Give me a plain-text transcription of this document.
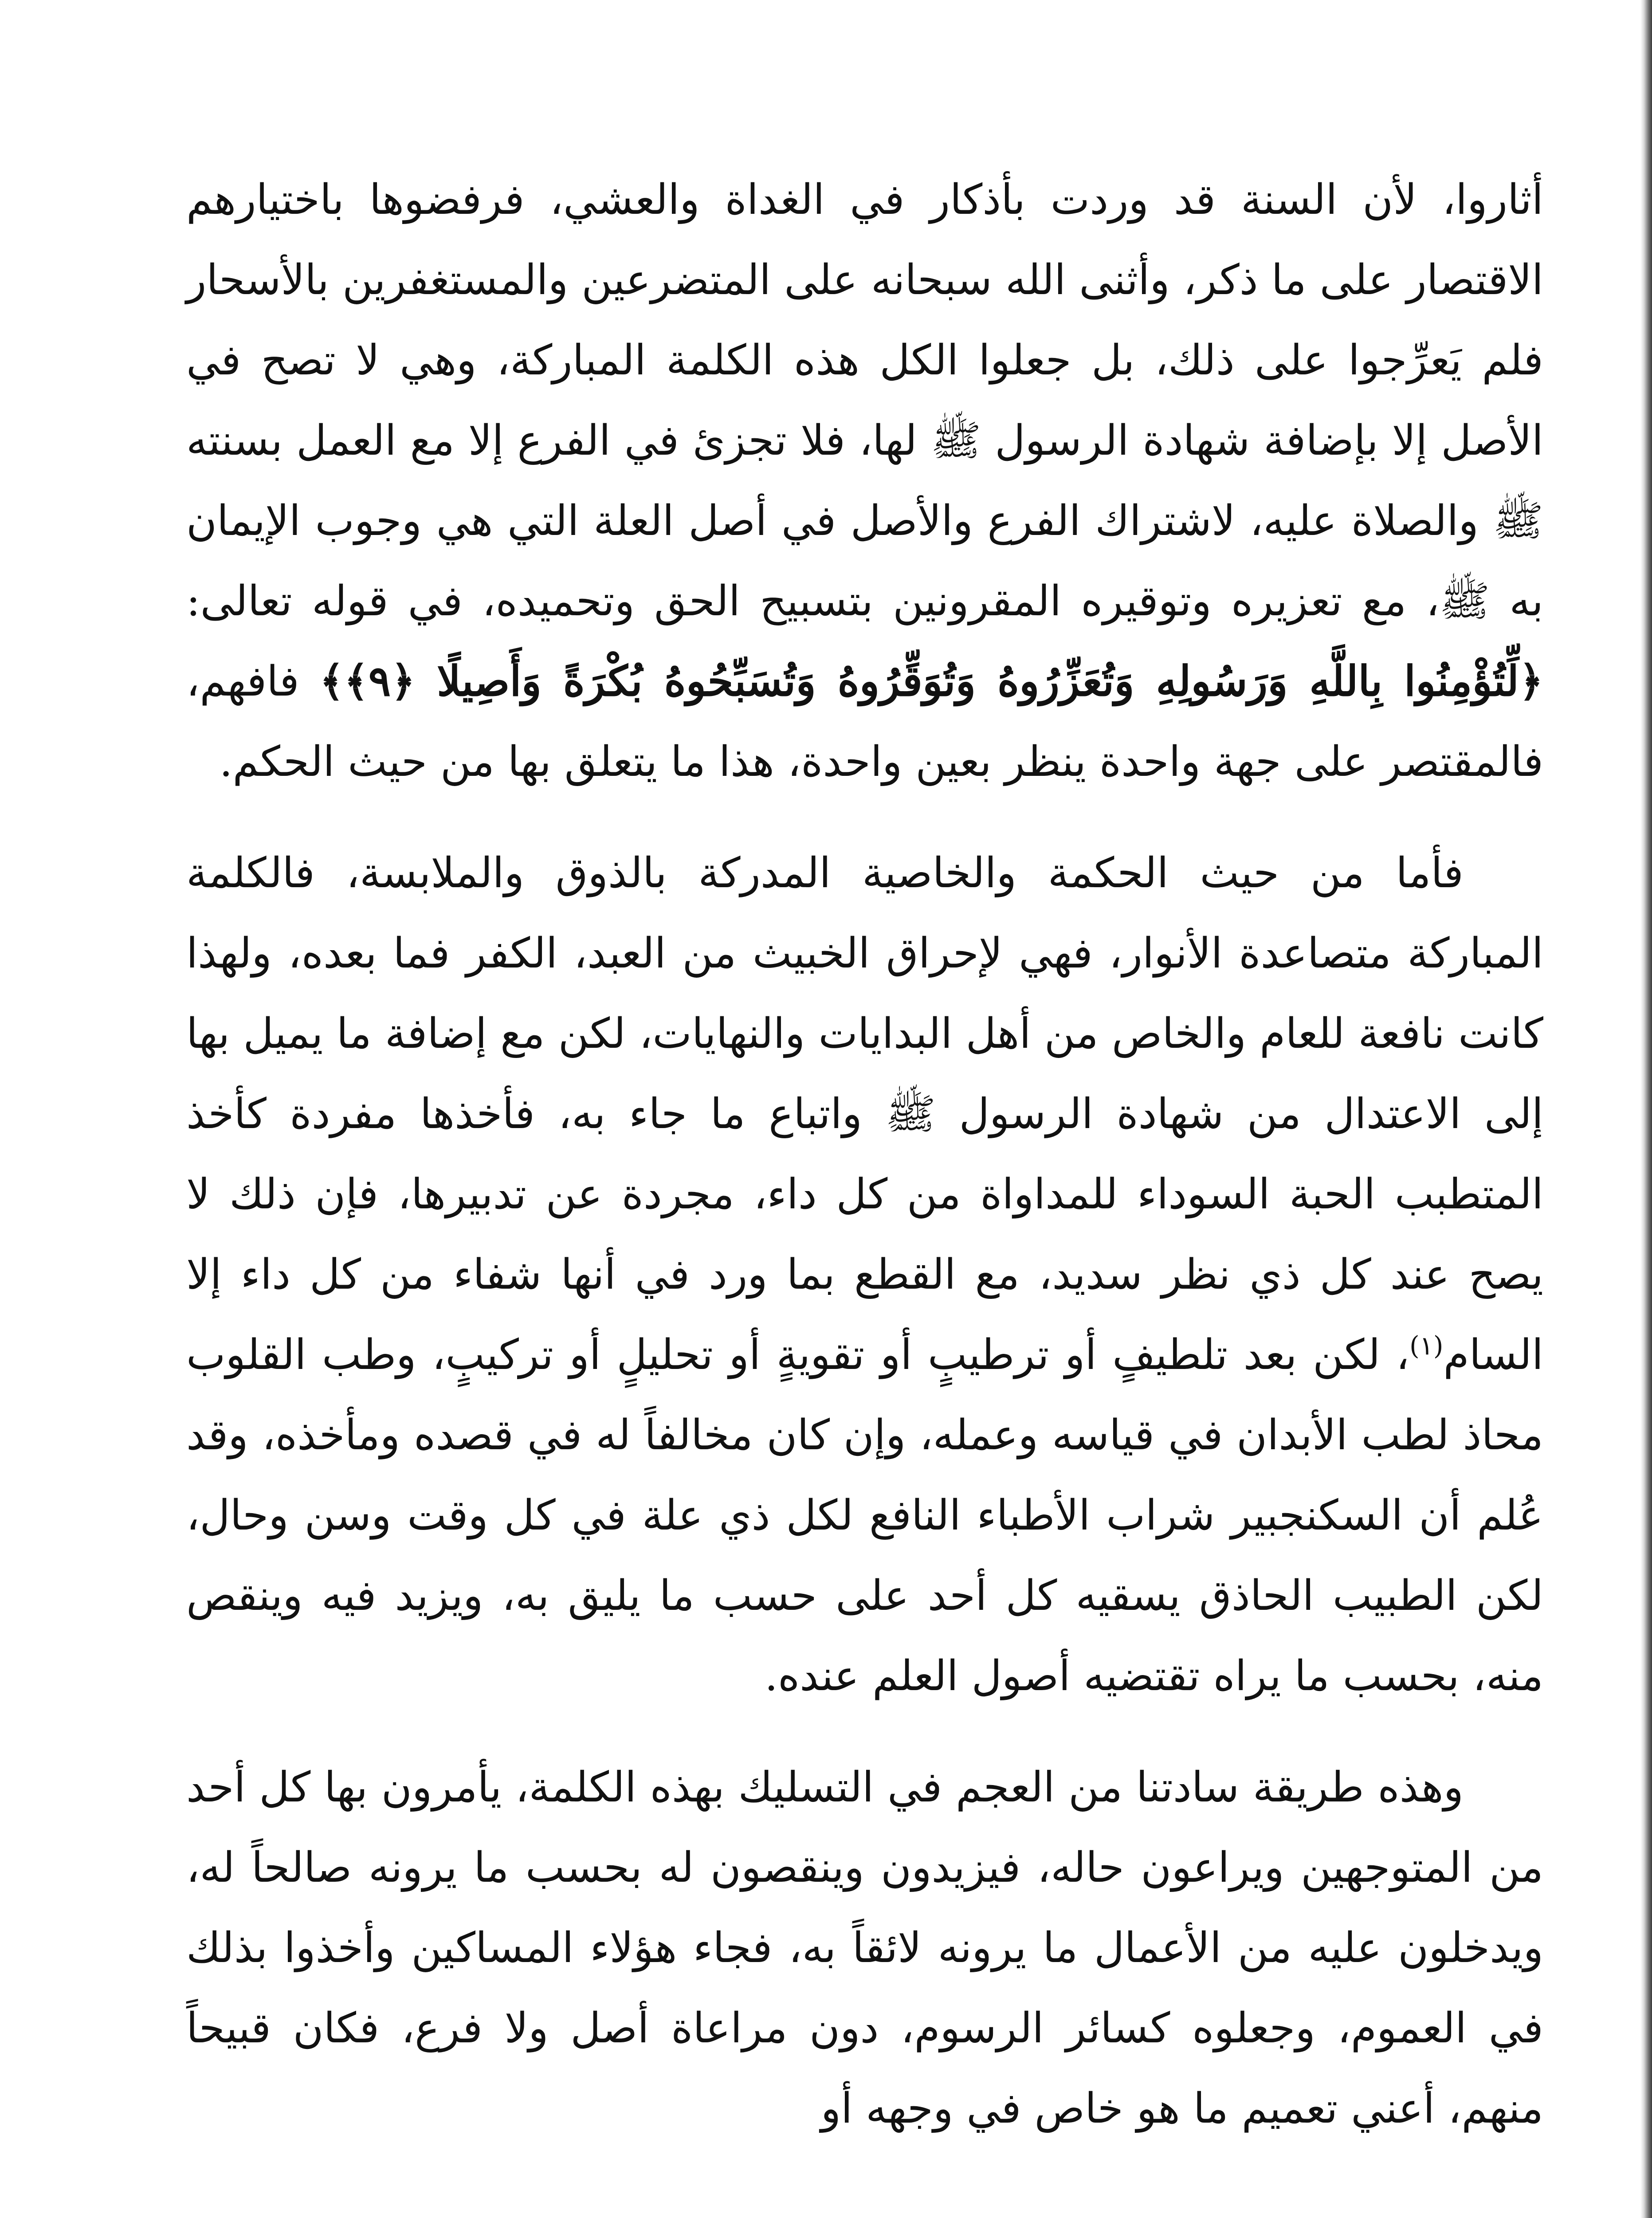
أثاروا، لأن السنة قد وردت بأذكار في الغداة والعشي، فرفضوها باختيارهم الاقتصار على ما ذكر، وأثنى الله سبحانه على المتضرعين والمستغفرين بالأسحار فلم يَعرِّجوا على ذلك، بل جعلوا الكل هذه الكلمة المباركة، وهي لا تصح في الأصل إلا بإضافة شهادة الرسول ﷺ لها، فلا تجزئ في الفرع إلا مع العمل بسنته ﷺ والصلاة عليه، لاشتراك الفرع والأصل في أصل العلة التي هي وجوب الإيمان به ﷺ، مع تعزيره وتوقيره المقرونين بتسبيح الحق وتحميده، في قوله تعالى: ﴿لِّتُؤْمِنُوا بِاللَّهِ وَرَسُولِهِ وَتُعَزِّرُوهُ وَتُوَقِّرُوهُ وَتُسَبِّحُوهُ بُكْرَةً وَأَصِيلًا ﴿٩﴾﴾ فافهم، فالمقتصر على جهة واحدة ينظر بعين واحدة، هذا ما يتعلق بها من حيث الحكم.

فأما من حيث الحكمة والخاصية المدركة بالذوق والملابسة، فالكلمة المباركة متصاعدة الأنوار، فهي لإحراق الخبيث من العبد، الكفر فما بعده، ولهذا كانت نافعة للعام والخاص من أهل البدايات والنهايات، لكن مع إضافة ما يميل بها إلى الاعتدال من شهادة الرسول ﷺ واتباع ما جاء به، فأخذها مفردة كأخذ المتطبب الحبة السوداء للمداواة من كل داء، مجردة عن تدبيرها، فإن ذلك لا يصح عند كل ذي نظر سديد، مع القطع بما ورد في أنها شفاء من كل داء إلا السام$^{(١)}$، لكن بعد تلطيفٍ أو ترطيبٍ أو تقويةٍ أو تحليلٍ أو تركيبٍ، وطب القلوب محاذ لطب الأبدان في قياسه وعمله، وإن كان مخالفاً له في قصده ومأخذه، وقد عُلم أن السكنجبير شراب الأطباء النافع لكل ذي علة في كل وقت وسن وحال، لكن الطبيب الحاذق يسقيه كل أحد على حسب ما يليق به، ويزيد فيه وينقص منه، بحسب ما يراه تقتضيه أصول العلم عنده.

وهذه طريقة سادتنا من العجم في التسليك بهذه الكلمة، يأمرون بها كل أحد من المتوجهين ويراعون حاله، فيزيدون وينقصون له بحسب ما يرونه صالحاً له، ويدخلون عليه من الأعمال ما يرونه لائقاً به، فجاء هؤلاء المساكين وأخذوا بذلك في العموم، وجعلوه كسائر الرسوم، دون مراعاة أصل ولا فرع، فكان قبيحاً منهم، أعني تعميم ما هو خاص في وجهه أو
